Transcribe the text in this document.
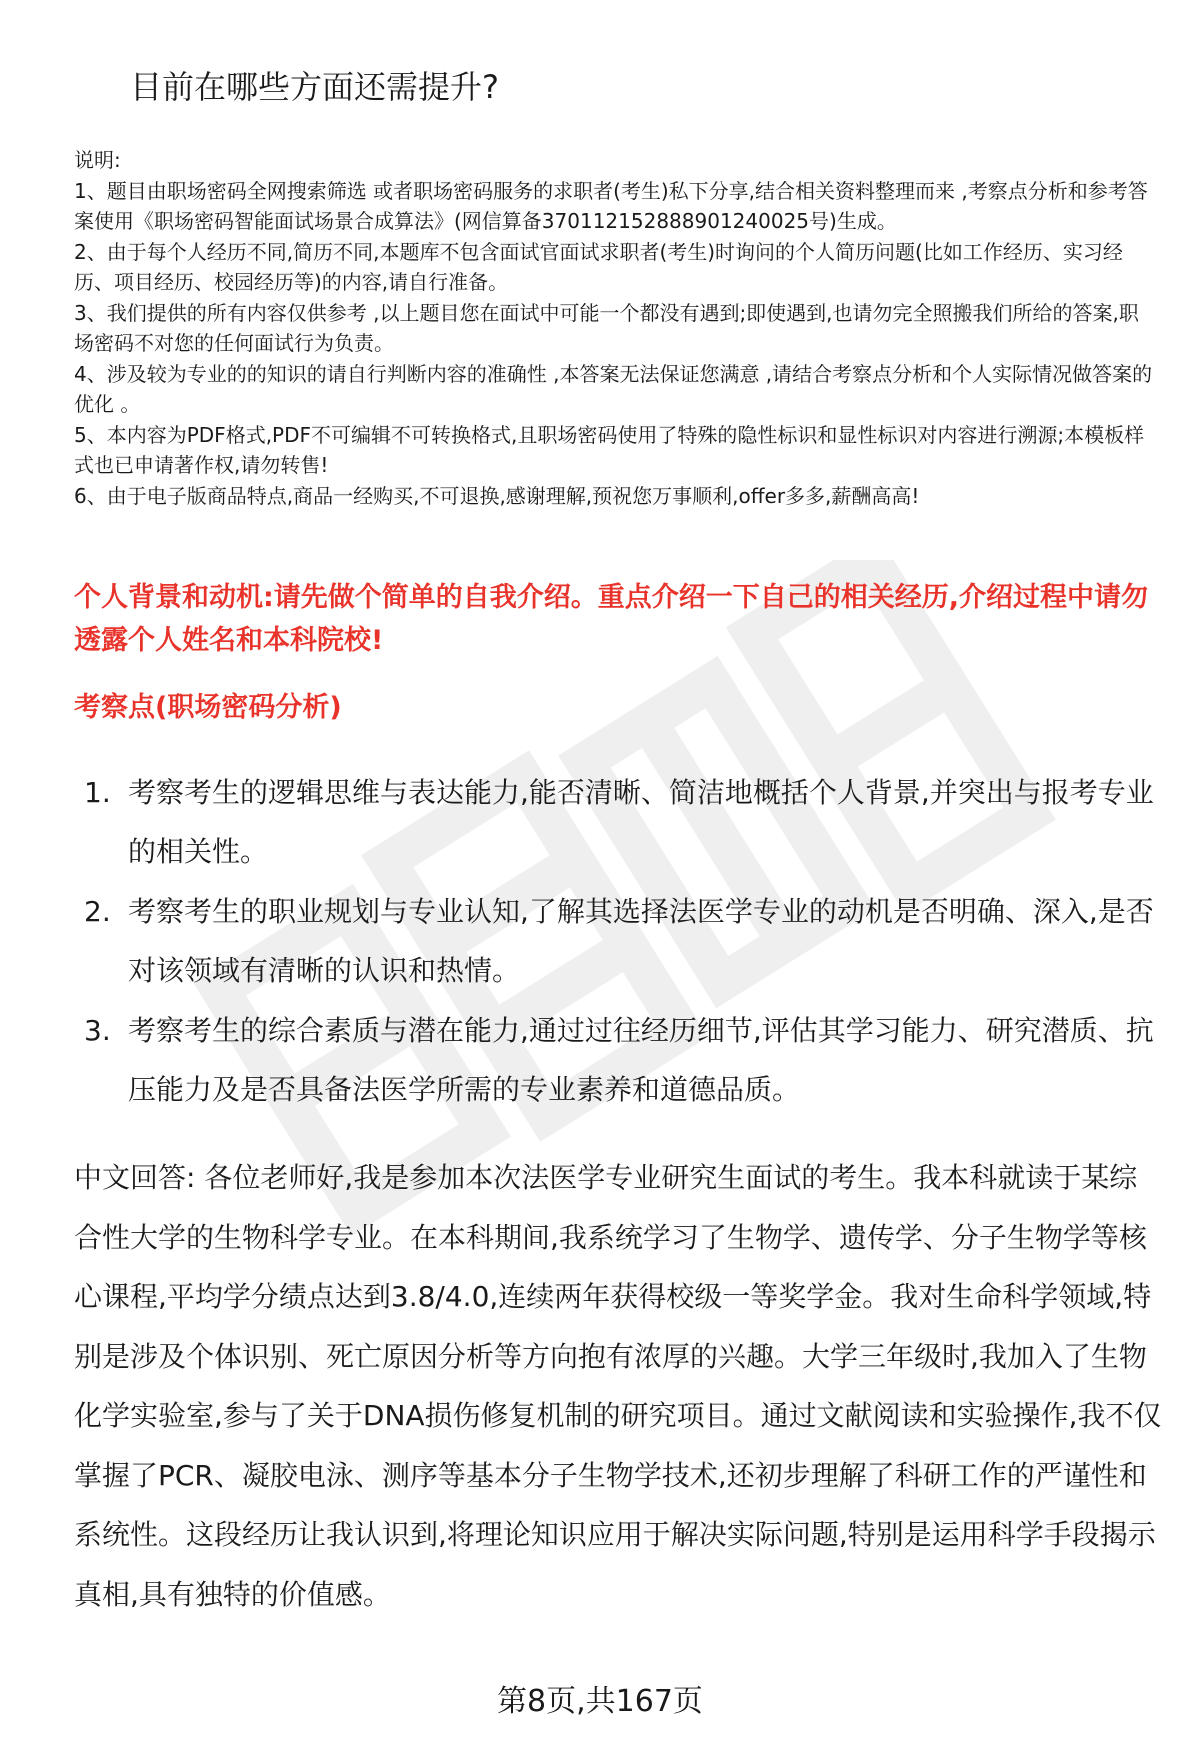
目前在哪些方面还需提升?

说明:

1、题目由职场密码全网搜索筛选 或者职场密码服务的求职者(考生)私下分享,结合相关资料整理而来 ,考察点分析和参考答案使用《职场密码智能面试场景合成算法》(网信算备370112152888901240025号)生成。

2、由于每个人经历不同,简历不同,本题库不包含面试官面试求职者(考生)时询问的个人简历问题(比如工作经历、实习经历、项目经历、校园经历等)的内容,请自行准备。

3、我们提供的所有内容仅供参考 ,以上题目您在面试中可能一个都没有遇到;即使遇到,也请勿完全照搬我们所给的答案,职场密码不对您的任何面试行为负责。

4、涉及较为专业的的知识的请自行判断内容的准确性 ,本答案无法保证您满意 ,请结合考察点分析和个人实际情况做答案的优化 。

5、本内容为PDF格式,PDF不可编辑不可转换格式,且职场密码使用了特殊的隐性标识和显性标识对内容进行溯源;本模板样式也已申请著作权,请勿转售!

6、由于电子版商品特点,商品一经购买,不可退换,感谢理解,预祝您万事顺利,offer多多,薪酬高高!

个人背景和动机:请先做个简单的自我介绍。重点介绍一下自己的相关经历,介绍过程中请勿透露个人姓名和本科院校!

考察点(职场密码分析)

1. 考察考生的逻辑思维与表达能力,能否清晰、简洁地概括个人背景,并突出与报考专业的相关性。
2. 考察考生的职业规划与专业认知,了解其选择法医学专业的动机是否明确、深入,是否对该领域有清晰的认识和热情。
3. 考察考生的综合素质与潜在能力,通过过往经历细节,评估其学习能力、研究潜质、抗压能力及是否具备法医学所需的专业素养和道德品质。

中文回答: 各位老师好,我是参加本次法医学专业研究生面试的考生。我本科就读于某综合性大学的生物科学专业。在本科期间,我系统学习了生物学、遗传学、分子生物学等核心课程,平均学分绩点达到3.8/4.0,连续两年获得校级一等奖学金。我对生命科学领域,特别是涉及个体识别、死亡原因分析等方向抱有浓厚的兴趣。大学三年级时,我加入了生物化学实验室,参与了关于DNA损伤修复机制的研究项目。通过文献阅读和实验操作,我不仅掌握了PCR、凝胶电泳、测序等基本分子生物学技术,还初步理解了科研工作的严谨性和系统性。这段经历让我认识到,将理论知识应用于解决实际问题,特别是运用科学手段揭示真相,具有独特的价值感。

第8页,共167页
